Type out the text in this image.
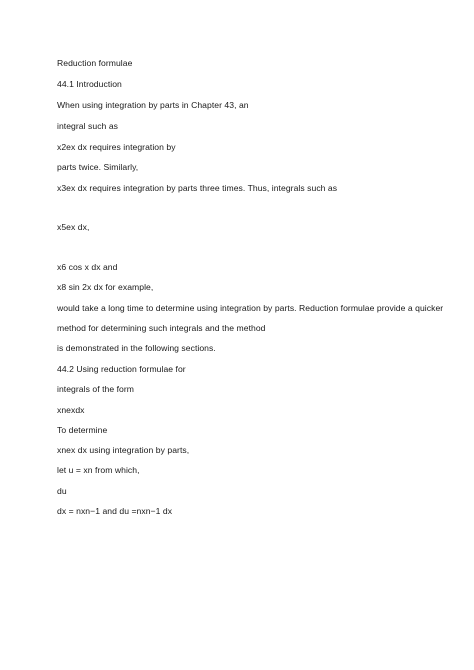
Reduction formulae
44.1 Introduction
When using integration by parts in Chapter 43, an
integral such as
x2ex dx requires integration by
parts twice. Similarly,
x3ex dx requires integration by parts three times. Thus, integrals such as
x5ex dx,
x6 cos x dx and
x8 sin 2x dx for example,
would take a long time to determine using integration by parts. Reduction formulae provide a quicker
method for determining such integrals and the method
is demonstrated in the following sections.
44.2 Using reduction formulae for
integrals of the form
xnexdx
To determine
xnex dx using integration by parts,
let u = xn from which,
du
dx = nxn−1 and du =nxn−1 dx
